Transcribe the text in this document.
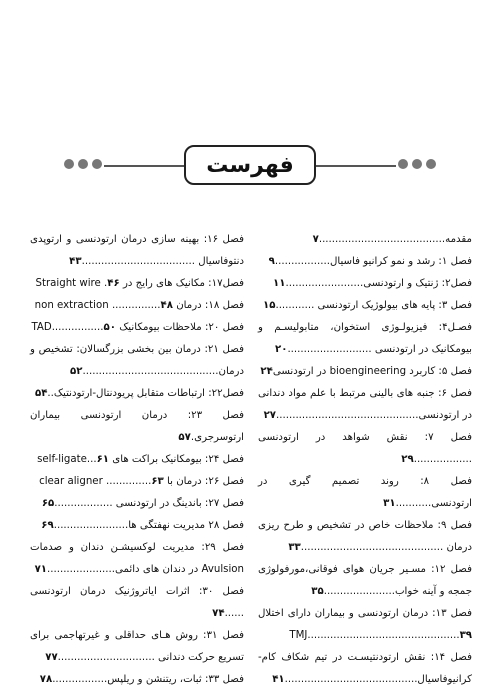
فهرست
مقدمه.......................................۷
فصل ۱: رشد و نمو کرانیو فاسیال.................۹
فصل۲: ژنتیک و ارتودنسی........................۱۱
فصل ۳: پایه های بیولوژیک ارتودنسی ............۱۵
فصـل۴: فیزیولـوژی استخوان، متابولیسـم و بیومکانیک در ارتودنسی ..........................۲۰
فصل ۵: کاربرد bioengineering در ارتودنسی۲۴
فصل ۶: جنبه های بالینی مرتبط با علم مواد دندانی در ارتودنسی............................................۲۷
فصل ۷: نقش شواهد در ارتودنسی ..................۲۹
فصل ۸: روند تصمیم گیری در ارتودنسی...........۳۱
فصل ۹: ملاحظات خاص در تشخیص و طرح ریزی درمان ............................................۳۳
فصل ۱۲: مسـیر جریان هوای فوقانی،مورفولوژی جمجه و آینه خواب......................۳۵
فصل ۱۳: درمان ارتودنسی و بیماران دارای اختلال TMJ...............................................۳۹
فصل ۱۴: نقش ارتودنتیسـت در تیم شکاف کام-کرانیوفاسیال.........................................۴۱
فصل ۱۶: بهینه سازی درمان ارتودنسی و ارتوپدی دنتوفاسیال ...................................۴۳
فصل۱۷: مکانیک های رایج در Straight wire .۴۶
فصل ۱۸: درمان non extraction ...............۴۸
فصل ۲۰: ملاحظات بیومکانیک TAD................۵۰
فصل ۲۱: درمان بین بخشی بزرگسالان: تشخیص و درمان..........................................۵۲
فصل۲۲: ارتباطات متقابل پریودنتال-ارتودنتیک..۵۴
فصل ۲۳: درمان ارتودنسی بیماران ارتوسرجری.۵۷
فصل ۲۴: بیومکانیک براکت های self-ligate...۶۱
فصل ۲۶: درمان با clear aligner ..............۶۳
فصل ۲۷: باندینگ در ارتودنسی ..................۶۵
فصل ۲۸ مدیریت نهفتگی ها.......................۶۹
فصل ۲۹: مدیریت لوکسیشـن دندان و صدمات Avulsion در دندان های دائمی.....................۷۱
فصل ۳۰: اثرات ایاتروژنیک درمان ارتودنسی ......۷۴
فصل ۳۱: روش هـای حداقلی و غیرتهاجمی برای تسریع حرکت دندانی ..............................۷۷
فصل ۳۳: ثبات، ریتنشن و ریلپس.................۷۸
